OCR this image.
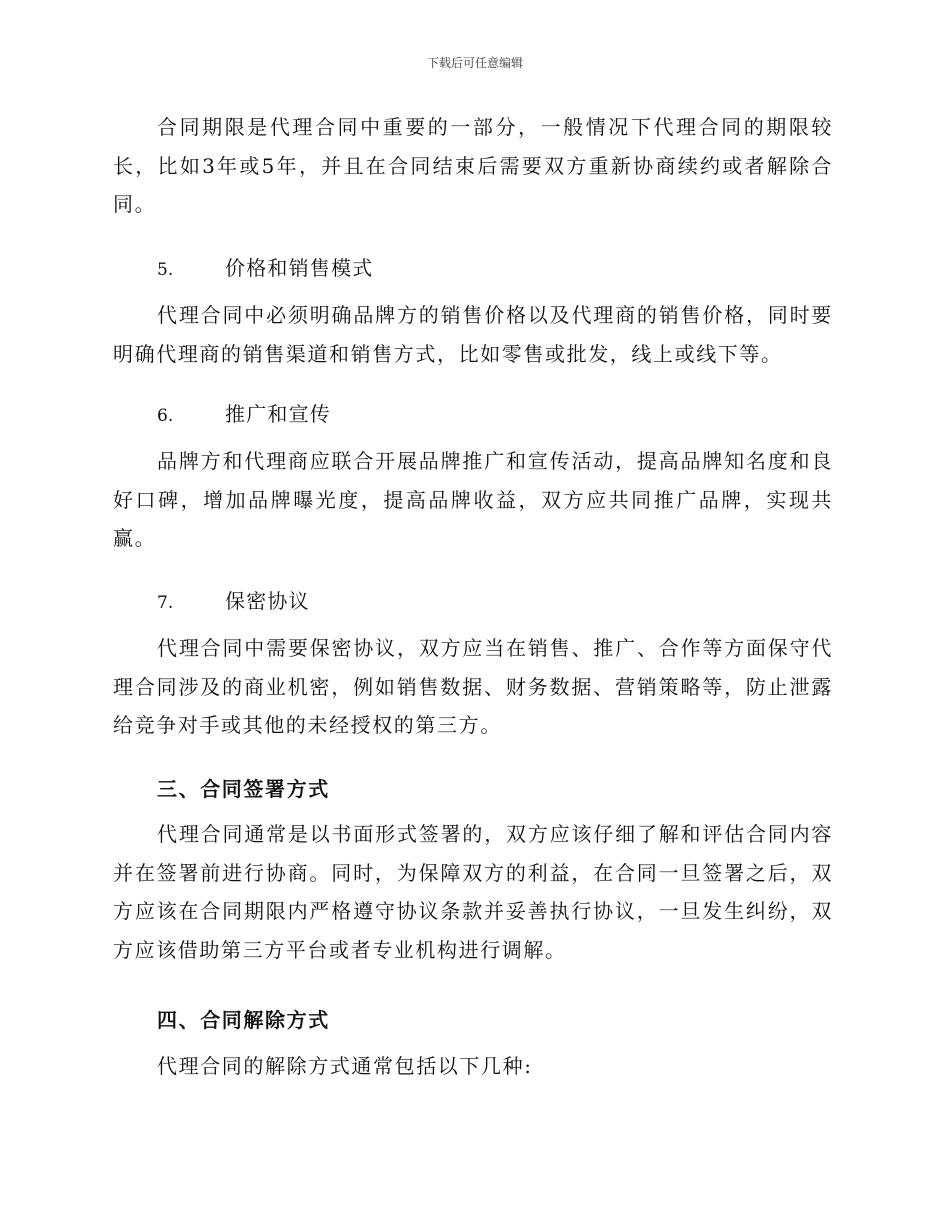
下载后可任意编辑

合同期限是代理合同中重要的一部分，一般情况下代理合同的期限较长，比如3年或5年，并且在合同结束后需要双方重新协商续约或者解除合同。

5.	价格和销售模式

代理合同中必须明确品牌方的销售价格以及代理商的销售价格，同时要明确代理商的销售渠道和销售方式，比如零售或批发，线上或线下等。

6.	推广和宣传

品牌方和代理商应联合开展品牌推广和宣传活动，提高品牌知名度和良好口碑，增加品牌曝光度，提高品牌收益，双方应共同推广品牌，实现共赢。

7.	保密协议

代理合同中需要保密协议，双方应当在销售、推广、合作等方面保守代理合同涉及的商业机密，例如销售数据、财务数据、营销策略等，防止泄露给竞争对手或其他的未经授权的第三方。

三、合同签署方式

代理合同通常是以书面形式签署的，双方应该仔细了解和评估合同内容并在签署前进行协商。同时，为保障双方的利益，在合同一旦签署之后，双方应该在合同期限内严格遵守协议条款并妥善执行协议，一旦发生纠纷，双方应该借助第三方平台或者专业机构进行调解。

四、合同解除方式

代理合同的解除方式通常包括以下几种:
